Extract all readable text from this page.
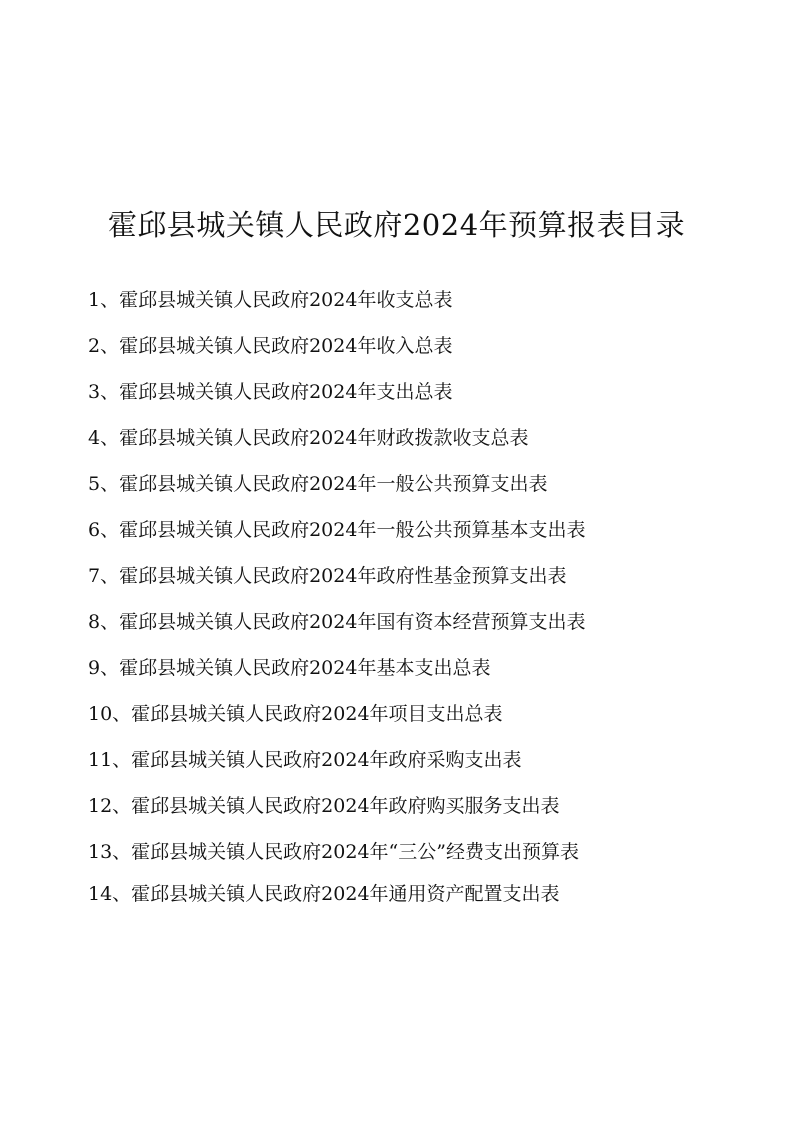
霍邱县城关镇人民政府2024年预算报表目录
1、霍邱县城关镇人民政府2024年收支总表
2、霍邱县城关镇人民政府2024年收入总表
3、霍邱县城关镇人民政府2024年支出总表
4、霍邱县城关镇人民政府2024年财政拨款收支总表
5、霍邱县城关镇人民政府2024年一般公共预算支出表
6、霍邱县城关镇人民政府2024年一般公共预算基本支出表
7、霍邱县城关镇人民政府2024年政府性基金预算支出表
8、霍邱县城关镇人民政府2024年国有资本经营预算支出表
9、霍邱县城关镇人民政府2024年基本支出总表
10、霍邱县城关镇人民政府2024年项目支出总表
11、霍邱县城关镇人民政府2024年政府采购支出表
12、霍邱县城关镇人民政府2024年政府购买服务支出表
13、霍邱县城关镇人民政府2024年“三公”经费支出预算表
14、霍邱县城关镇人民政府2024年通用资产配置支出表
